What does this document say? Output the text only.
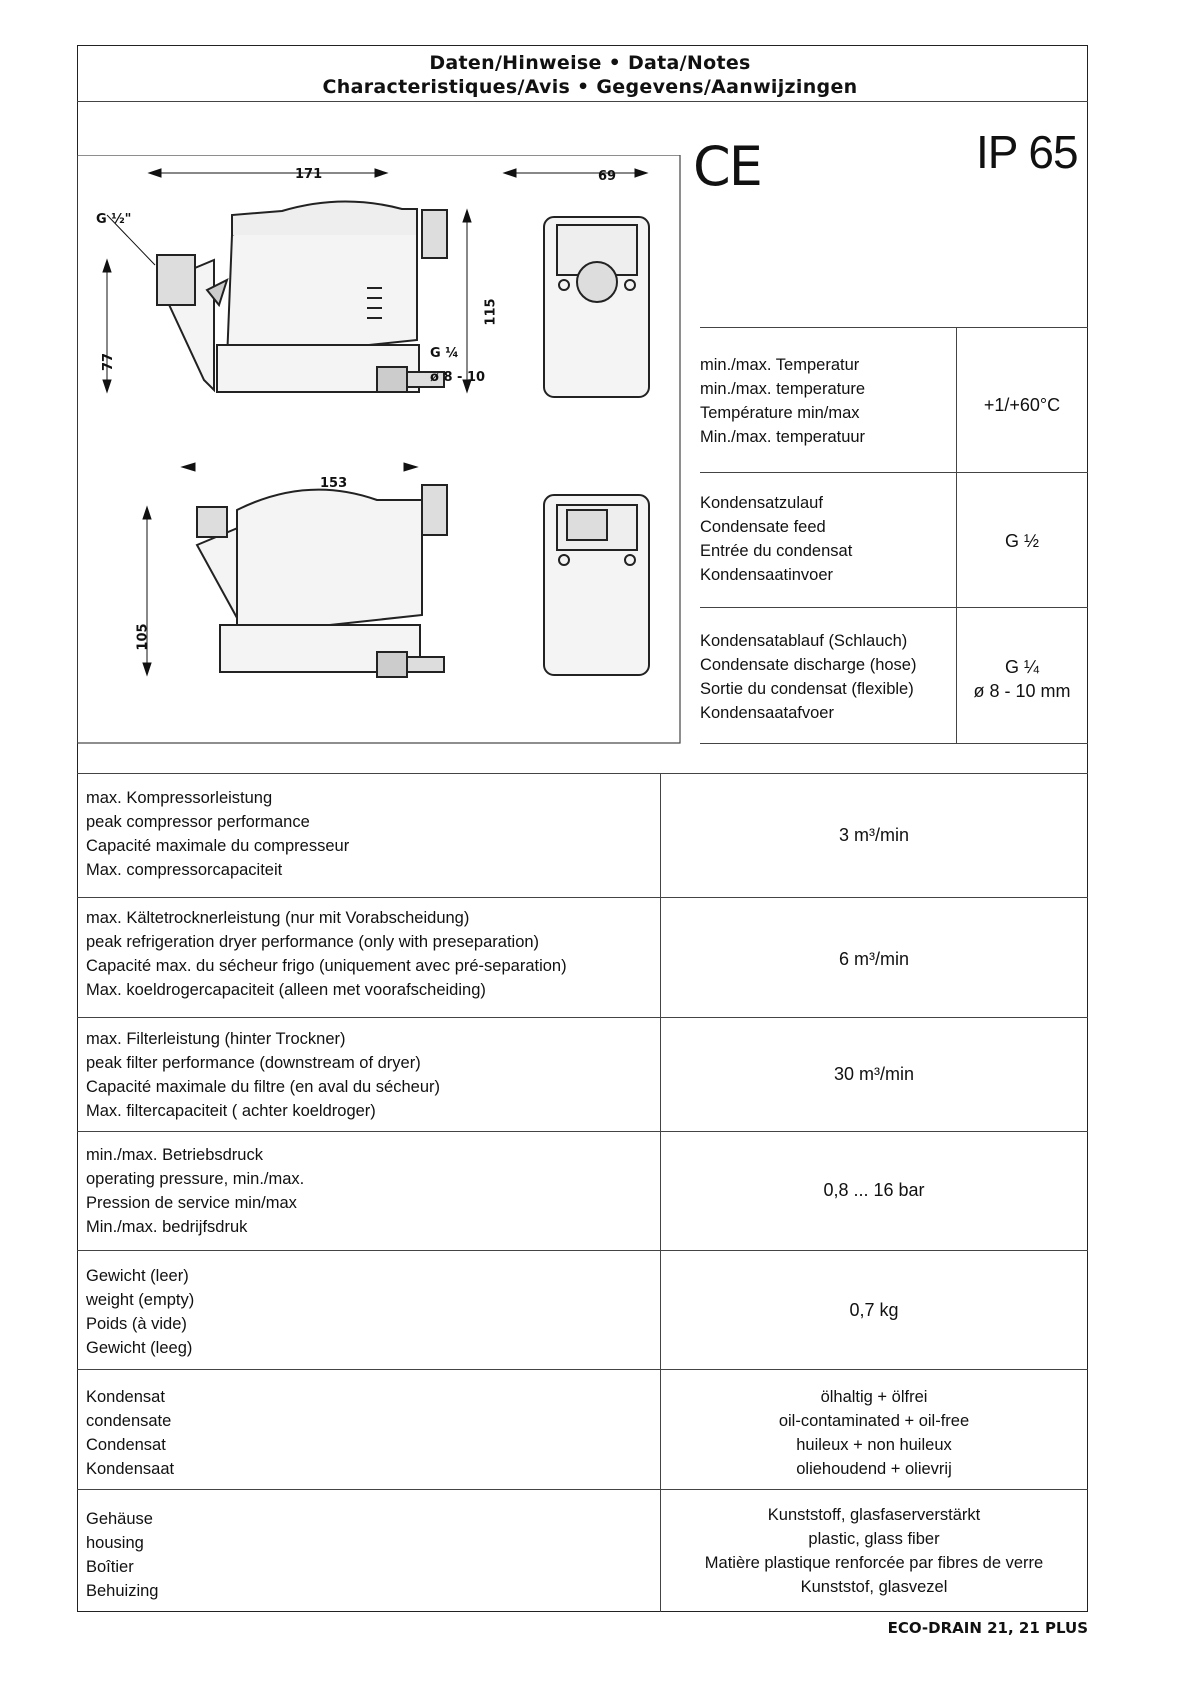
Daten/Hinweise • Data/Notes
Characteristiques/Avis • Gegevens/Aanwijzingen
CE	IP 65
171	69
115
77
G ½"
G ¼
ø 8 - 10
153
105
min./max. Temperatur
min./max. temperature
Température min/max
Min./max. temperatuur
+1/+60°C
Kondensatzulauf
Condensate feed
Entrée du condensat
Kondensaatinvoer
G ½
Kondensatablauf (Schlauch)
Condensate discharge (hose)
Sortie du condensat (flexible)
Kondensaatafvoer
G ¼
ø 8 - 10 mm
max. Kompressorleistung
peak compressor performance
Capacité maximale du compresseur
Max. compressorcapaciteit
3 m³/min
max. Kältetrocknerleistung (nur mit Vorabscheidung)
peak refrigeration dryer performance (only with preseparation)
Capacité max. du sécheur frigo (uniquement avec pré-separation)
Max. koeldrogercapaciteit (alleen met voorafscheiding)
6 m³/min
max. Filterleistung (hinter Trockner)
peak filter performance (downstream of dryer)
Capacité maximale du filtre (en aval du sécheur)
Max. filtercapaciteit ( achter koeldroger)
30 m³/min
min./max. Betriebsdruck
operating pressure, min./max.
Pression de service min/max
Min./max. bedrijfsdruk
0,8 ... 16 bar
Gewicht (leer)
weight (empty)
Poids (à vide)
Gewicht (leeg)
0,7 kg
Kondensat
condensate
Condensat
Kondensaat
ölhaltig + ölfrei
oil-contaminated + oil-free
huileux + non huileux
oliehoudend + olievrij
Gehäuse
housing
Boîtier
Behuizing
Kunststoff, glasfaserverstärkt
plastic, glass fiber
Matière plastique renforcée par fibres de verre
Kunststof, glasvezel
ECO-DRAIN 21, 21 PLUS
